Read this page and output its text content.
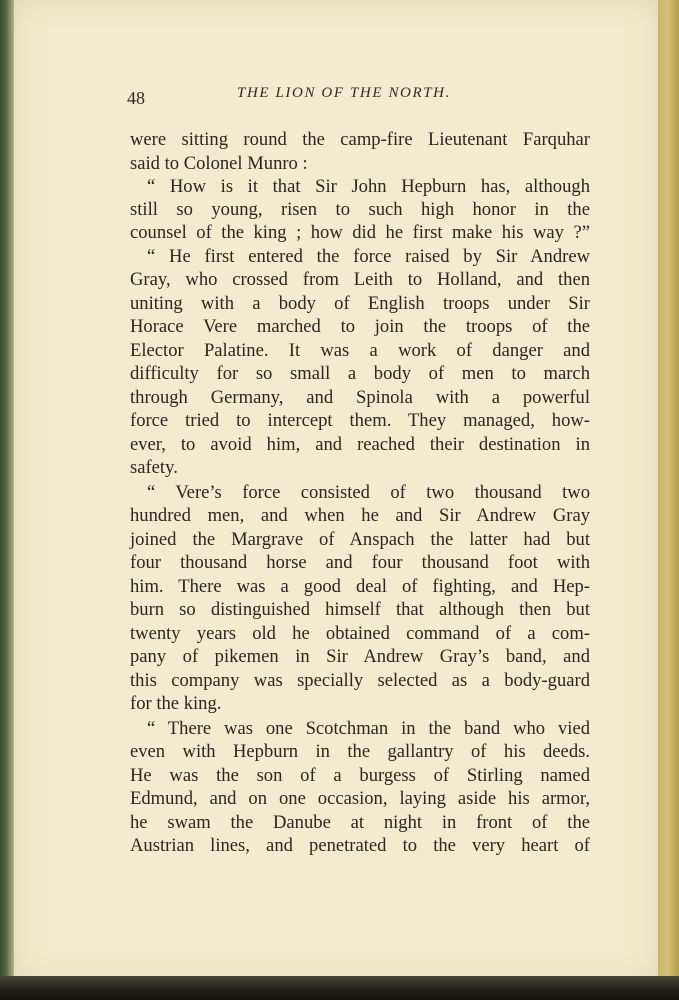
48	THE LION OF THE NORTH.
were sitting round the camp-fire Lieutenant Farquhar
said to Colonel Munro :
“ How is it that Sir John Hepburn has, although
still so young, risen to such high honor in the
counsel of the king ; how did he first make his way ?”
“ He first entered the force raised by Sir Andrew
Gray, who crossed from Leith to Holland, and then
uniting with a body of English troops under Sir
Horace Vere marched to join the troops of the
Elector Palatine. It was a work of danger and
difficulty for so small a body of men to march
through Germany, and Spinola with a powerful
force tried to intercept them. They managed, how-
ever, to avoid him, and reached their destination in
safety.
“ Vere’s force consisted of two thousand two
hundred men, and when he and Sir Andrew Gray
joined the Margrave of Anspach the latter had but
four thousand horse and four thousand foot with
him. There was a good deal of fighting, and Hep-
burn so distinguished himself that although then but
twenty years old he obtained command of a com-
pany of pikemen in Sir Andrew Gray’s band, and
this company was specially selected as a body-guard
for the king.
“ There was one Scotchman in the band who vied
even with Hepburn in the gallantry of his deeds.
He was the son of a burgess of Stirling named
Edmund, and on one occasion, laying aside his armor,
he swam the Danube at night in front of the
Austrian lines, and penetrated to the very heart of
